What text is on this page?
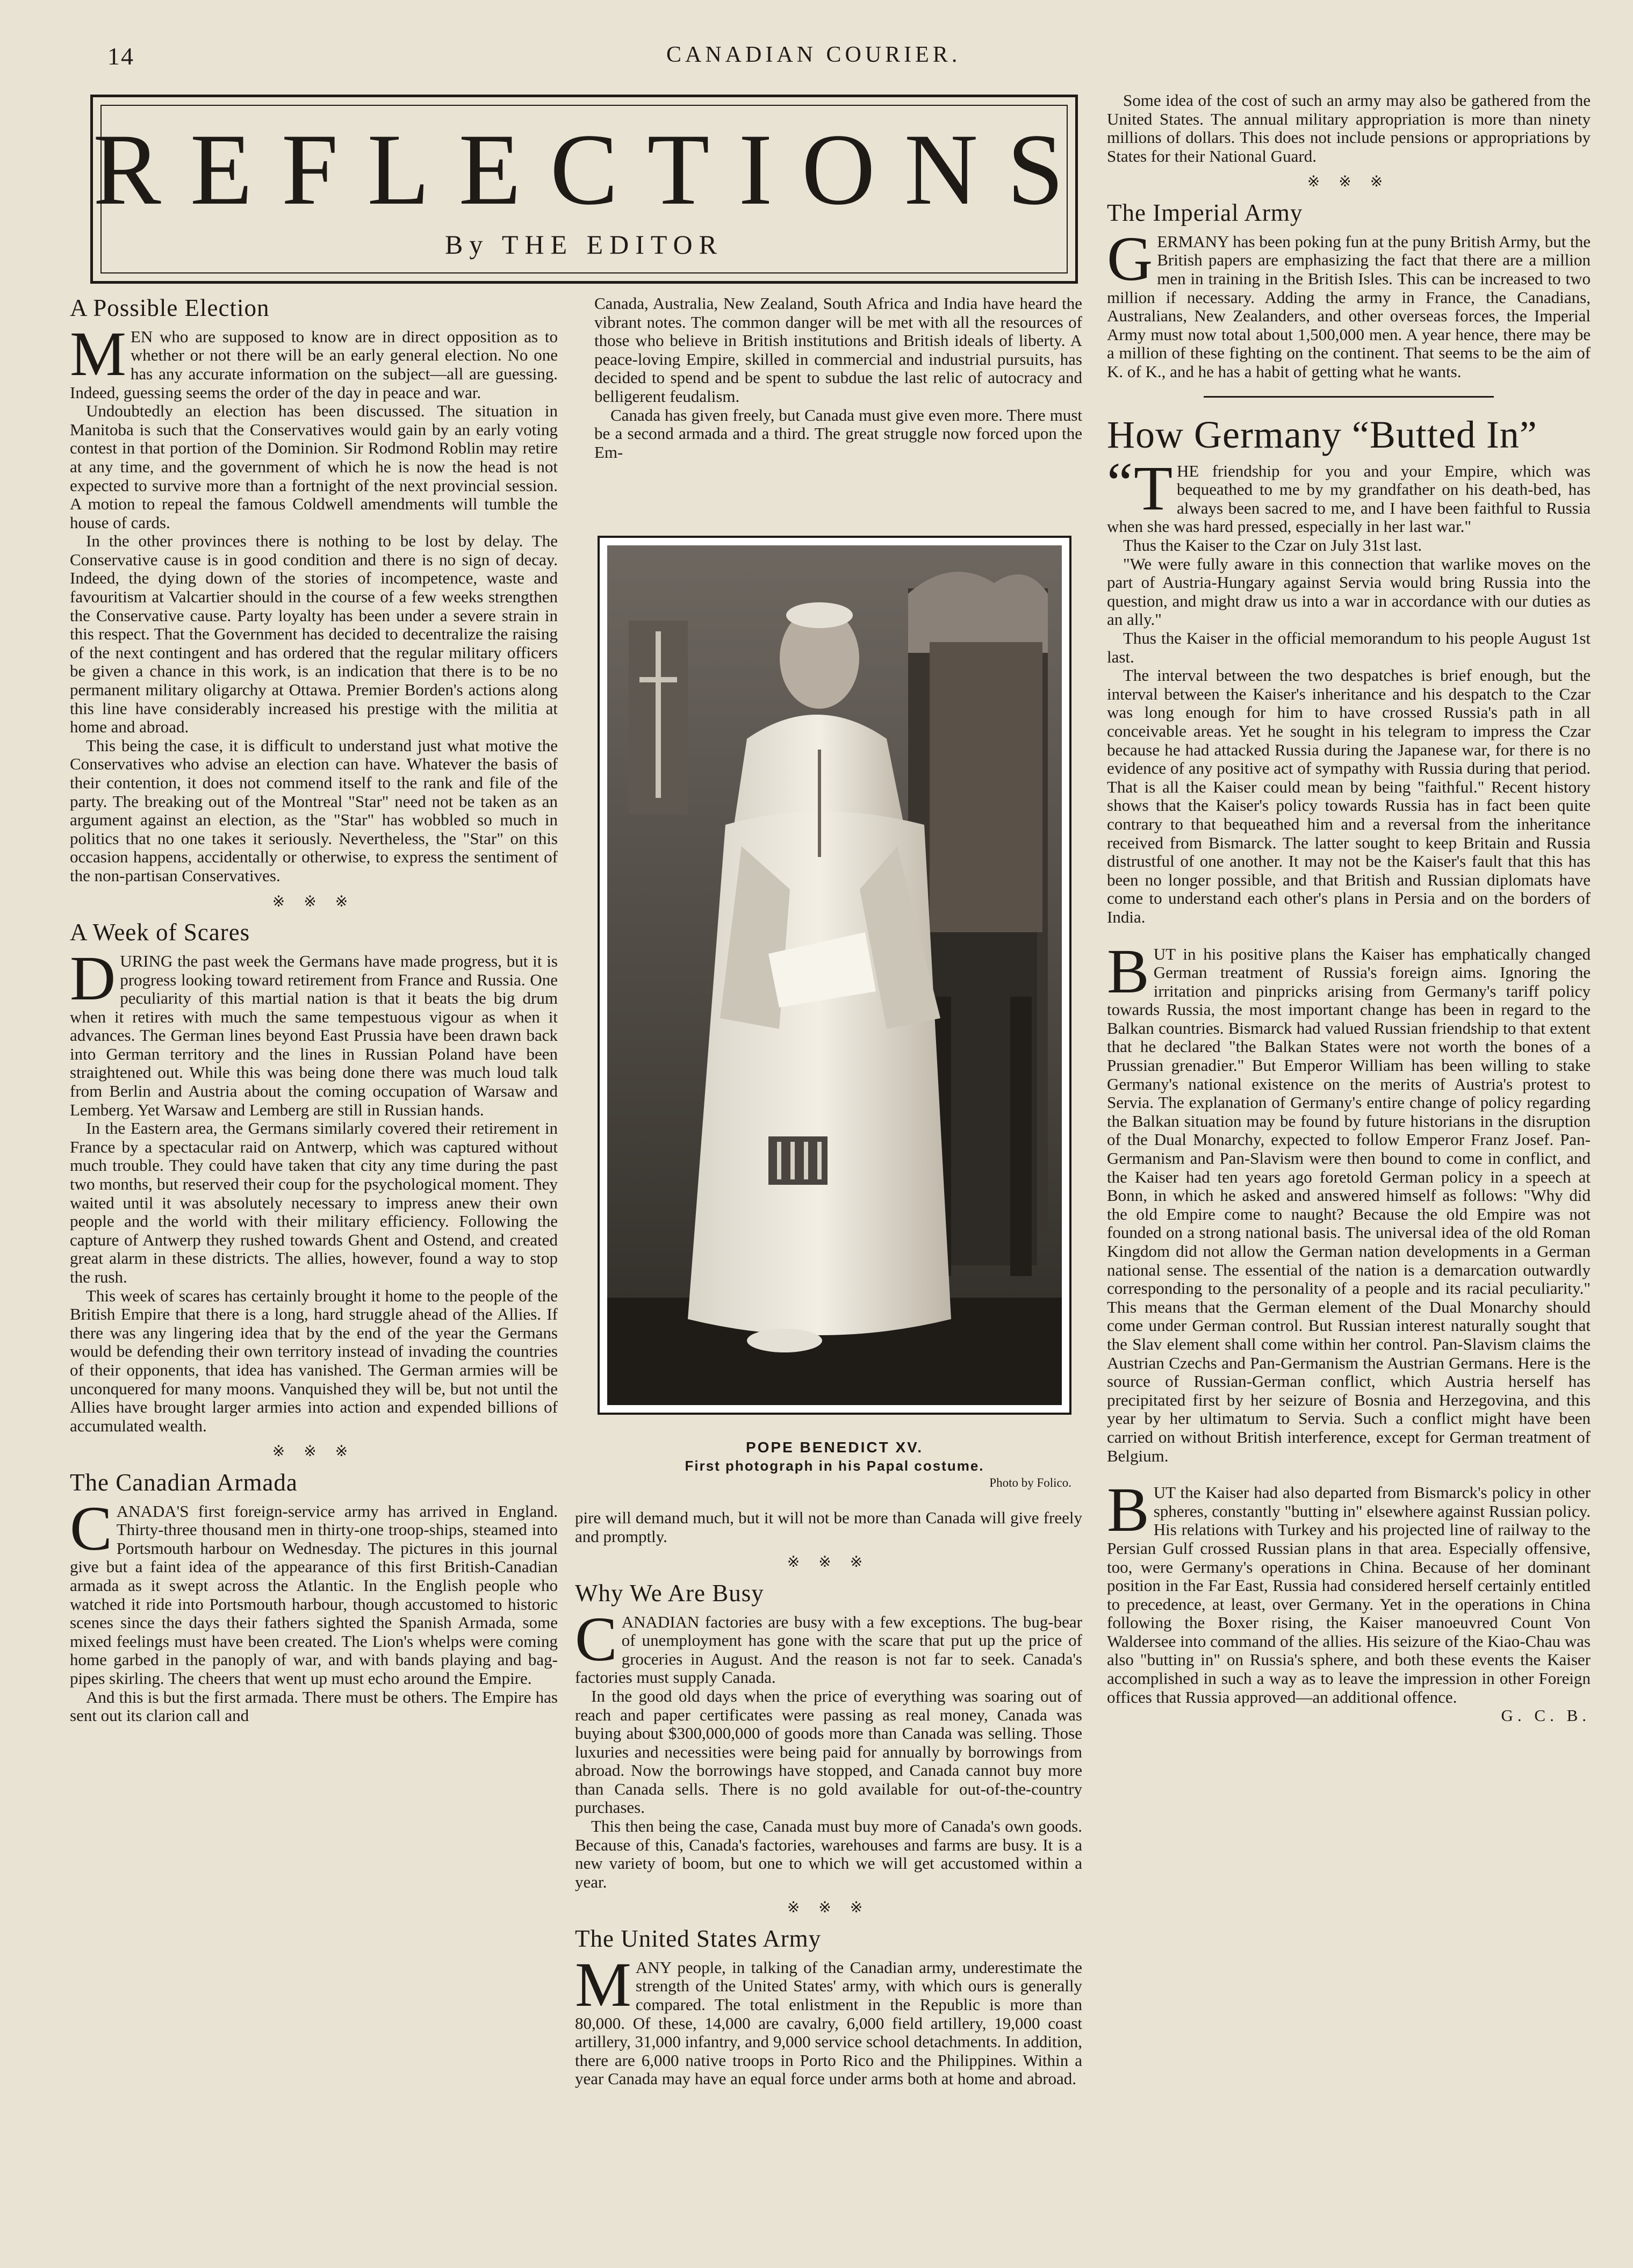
14	CANADIAN COURIER.
REFLECTIONS
By THE EDITOR
A Possible Election

MEN who are supposed to know are in direct opposition as to whether or not there will be an early general election. No one has any accurate information on the subject—all are guessing. Indeed, guessing seems the order of the day in peace and war.

Undoubtedly an election has been discussed. The situation in Manitoba is such that the Conservatives would gain by an early voting contest in that portion of the Dominion. Sir Rodmond Roblin may retire at any time, and the government of which he is now the head is not expected to survive more than a fortnight of the next provincial session. A motion to repeal the famous Coldwell amendments will tumble the house of cards.

In the other provinces there is nothing to be lost by delay. The Conservative cause is in good condition and there is no sign of decay. Indeed, the dying down of the stories of incompetence, waste and favouritism at Valcartier should in the course of a few weeks strengthen the Conservative cause. Party loyalty has been under a severe strain in this respect. That the Government has decided to decentralize the raising of the next contingent and has ordered that the regular military officers be given a chance in this work, is an indication that there is to be no permanent military oligarchy at Ottawa. Premier Borden's actions along this line have considerably increased his prestige with the militia at home and abroad.

This being the case, it is difficult to understand just what motive the Conservatives who advise an election can have. Whatever the basis of their contention, it does not commend itself to the rank and file of the party. The breaking out of the Montreal "Star" need not be taken as an argument against an election, as the "Star" has wobbled so much in politics that no one takes it seriously. Nevertheless, the "Star" on this occasion happens, accidentally or otherwise, to express the sentiment of the non-partisan Conservatives.

※ ※ ※
A Week of Scares

DURING the past week the Germans have made progress, but it is progress looking toward retirement from France and Russia. One peculiarity of this martial nation is that it beats the big drum when it retires with much the same tempestuous vigour as when it advances. The German lines beyond East Prussia have been drawn back into German territory and the lines in Russian Poland have been straightened out. While this was being done there was much loud talk from Berlin and Austria about the coming occupation of Warsaw and Lemberg. Yet Warsaw and Lemberg are still in Russian hands.

In the Eastern area, the Germans similarly covered their retirement in France by a spectacular raid on Antwerp, which was captured without much trouble. They could have taken that city any time during the past two months, but reserved their coup for the psychological moment. They waited until it was absolutely necessary to impress anew their own people and the world with their military efficiency. Following the capture of Antwerp they rushed towards Ghent and Ostend, and created great alarm in these districts. The allies, however, found a way to stop the rush.

This week of scares has certainly brought it home to the people of the British Empire that there is a long, hard struggle ahead of the Allies. If there was any lingering idea that by the end of the year the Germans would be defending their own territory instead of invading the countries of their opponents, that idea has vanished. The German armies will be unconquered for many moons. Vanquished they will be, but not until the Allies have brought larger armies into action and expended billions of accumulated wealth.

※ ※ ※
The Canadian Armada

CANADA'S first foreign-service army has arrived in England. Thirty-three thousand men in thirty-one troop-ships, steamed into Portsmouth harbour on Wednesday. The pictures in this journal give but a faint idea of the appearance of this first British-Canadian armada as it swept across the Atlantic. In the English people who watched it ride into Portsmouth harbour, though accustomed to historic scenes since the days their fathers sighted the Spanish Armada, some mixed feelings must have been created. The Lion's whelps were coming home garbed in the panoply of war, and with bands playing and bag-pipes skirling. The cheers that went up must echo around the Empire.

And this is but the first armada. There must be others. The Empire has sent out its clarion call and

Canada, Australia, New Zealand, South Africa and India have heard the vibrant notes. The common danger will be met with all the resources of those who believe in British institutions and British ideals of liberty. A peace-loving Empire, skilled in commercial and industrial pursuits, has decided to spend and be spent to subdue the last relic of autocracy and belligerent feudalism.

Canada has given freely, but Canada must give even more. There must be a second armada and a third. The great struggle now forced upon the Em-

POPE BENEDICT XV.
First photograph in his Papal costume.
Photo by Folico.

pire will demand much, but it will not be more than Canada will give freely and promptly.

※ ※ ※
Why We Are Busy

CANADIAN factories are busy with a few exceptions. The bug-bear of unemployment has gone with the scare that put up the price of groceries in August. And the reason is not far to seek. Canada's factories must supply Canada.

In the good old days when the price of everything was soaring out of reach and paper certificates were passing as real money, Canada was buying about $300,000,000 of goods more than Canada was selling. Those luxuries and necessities were being paid for annually by borrowings from abroad. Now the borrowings have stopped, and Canada cannot buy more than Canada sells. There is no gold available for out-of-the-country purchases.

This then being the case, Canada must buy more of Canada's own goods. Because of this, Canada's factories, warehouses and farms are busy. It is a new variety of boom, but one to which we will get accustomed within a year.

※ ※ ※
The United States Army

MANY people, in talking of the Canadian army, underestimate the strength of the United States' army, with which ours is generally compared. The total enlistment in the Republic is more than 80,000. Of these, 14,000 are cavalry, 6,000 field artillery, 19,000 coast artillery, 31,000 infantry, and 9,000 service school detachments. In addition, there are 6,000 native troops in Porto Rico and the Philippines. Within a year Canada may have an equal force under arms both at home and abroad.

Some idea of the cost of such an army may also be gathered from the United States. The annual military appropriation is more than ninety millions of dollars. This does not include pensions or appropriations by States for their National Guard.

※ ※ ※
The Imperial Army

GERMANY has been poking fun at the puny British Army, but the British papers are emphasizing the fact that there are a million men in training in the British Isles. This can be increased to two million if necessary. Adding the army in France, the Canadians, Australians, New Zealanders, and other overseas forces, the Imperial Army must now total about 1,500,000 men. A year hence, there may be a million of these fighting on the continent. That seems to be the aim of K. of K., and he has a habit of getting what he wants.

How Germany “Butted In”

“ T HE friendship for you and your Empire, which was bequeathed to me by my grandfather on his death-bed, has always been sacred to me, and I have been faithful to Russia when she was hard pressed, especially in her last war."

Thus the Kaiser to the Czar on July 31st last.

"We were fully aware in this connection that warlike moves on the part of Austria-Hungary against Servia would bring Russia into the question, and might draw us into a war in accordance with our duties as an ally."

Thus the Kaiser in the official memorandum to his people August 1st last.

The interval between the two despatches is brief enough, but the interval between the Kaiser's inheritance and his despatch to the Czar was long enough for him to have crossed Russia's path in all conceivable areas. Yet he sought in his telegram to impress the Czar because he had attacked Russia during the Japanese war, for there is no evidence of any positive act of sympathy with Russia during that period. That is all the Kaiser could mean by being "faithful." Recent history shows that the Kaiser's policy towards Russia has in fact been quite contrary to that bequeathed him and a reversal from the inheritance received from Bismarck. The latter sought to keep Britain and Russia distrustful of one another. It may not be the Kaiser's fault that this has been no longer possible, and that British and Russian diplomats have come to understand each other's plans in Persia and on the borders of India.

BUT in his positive plans the Kaiser has emphatically changed German treatment of Russia's foreign aims. Ignoring the irritation and pinpricks arising from Germany's tariff policy towards Russia, the most important change has been in regard to the Balkan countries. Bismarck had valued Russian friendship to that extent that he declared "the Balkan States were not worth the bones of a Prussian grenadier." But Emperor William has been willing to stake Germany's national existence on the merits of Austria's protest to Servia. The explanation of Germany's entire change of policy regarding the Balkan situation may be found by future historians in the disruption of the Dual Monarchy, expected to follow Emperor Franz Josef. Pan-Germanism and Pan-Slavism were then bound to come in conflict, and the Kaiser had ten years ago foretold German policy in a speech at Bonn, in which he asked and answered himself as follows: "Why did the old Empire come to naught? Because the old Empire was not founded on a strong national basis. The universal idea of the old Roman Kingdom did not allow the German nation developments in a German national sense. The essential of the nation is a demarcation outwardly corresponding to the personality of a people and its racial peculiarity." This means that the German element of the Dual Monarchy should come under German control. But Russian interest naturally sought that the Slav element shall come within her control. Pan-Slavism claims the Austrian Czechs and Pan-Germanism the Austrian Germans. Here is the source of Russian-German conflict, which Austria herself has precipitated first by her seizure of Bosnia and Herzegovina, and this year by her ultimatum to Servia. Such a conflict might have been carried on without British interference, except for German treatment of Belgium.

BUT the Kaiser had also departed from Bismarck's policy in other spheres, constantly "butting in" elsewhere against Russian policy. His relations with Turkey and his projected line of railway to the Persian Gulf crossed Russian plans in that area. Especially offensive, too, were Germany's operations in China. Because of her dominant position in the Far East, Russia had considered herself certainly entitled to precedence, at least, over Germany. Yet in the operations in China following the Boxer rising, the Kaiser manoeuvred Count Von Waldersee into command of the allies. His seizure of the Kiao-Chau was also "butting in" on Russia's sphere, and both these events the Kaiser accomplished in such a way as to leave the impression in other Foreign offices that Russia approved—an additional offence.

G. C. B.
